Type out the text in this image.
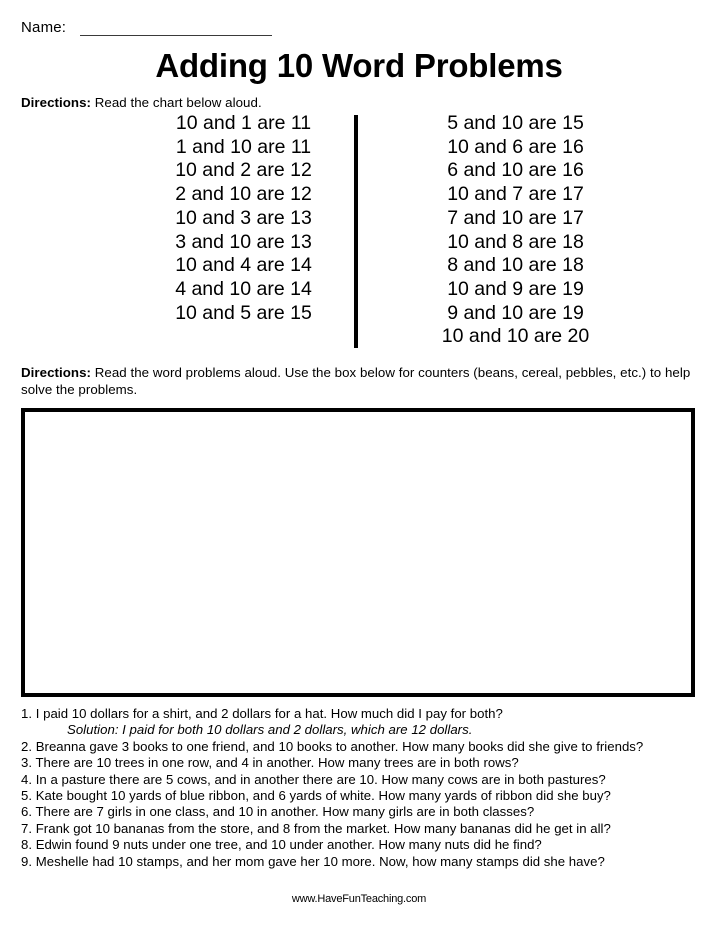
Name:
Adding 10 Word Problems
Directions: Read the chart below aloud.
10 and 1 are 11
1 and 10 are 11
10 and 2 are 12
2 and 10 are 12
10 and 3 are 13
3 and 10 are 13
10 and 4 are 14
4 and 10 are 14
10 and 5 are 15
5 and 10 are 15
10 and 6 are 16
6 and 10 are 16
10 and 7 are 17
7 and 10 are 17
10 and 8 are 18
8 and 10 are 18
10 and 9 are 19
9 and 10 are 19
10 and 10 are 20
Directions: Read the word problems aloud. Use the box below for counters (beans, cereal, pebbles, etc.) to help solve the problems.
1. I paid 10 dollars for a shirt, and 2 dollars for a hat. How much did I pay for both?
Solution: I paid for both 10 dollars and 2 dollars, which are 12 dollars.
2. Breanna gave 3 books to one friend, and 10 books to another. How many books did she give to friends?
3. There are 10 trees in one row, and 4 in another. How many trees are in both rows?
4. In a pasture there are 5 cows, and in another there are 10. How many cows are in both pastures?
5. Kate bought 10 yards of blue ribbon, and 6 yards of white. How many yards of ribbon did she buy?
6. There are 7 girls in one class, and 10 in another. How many girls are in both classes?
7. Frank got 10 bananas from the store, and 8 from the market. How many bananas did he get in all?
8. Edwin found 9 nuts under one tree, and 10 under another. How many nuts did he find?
9. Meshelle had 10 stamps, and her mom gave her 10 more. Now, how many stamps did she have?
www.HaveFunTeaching.com
